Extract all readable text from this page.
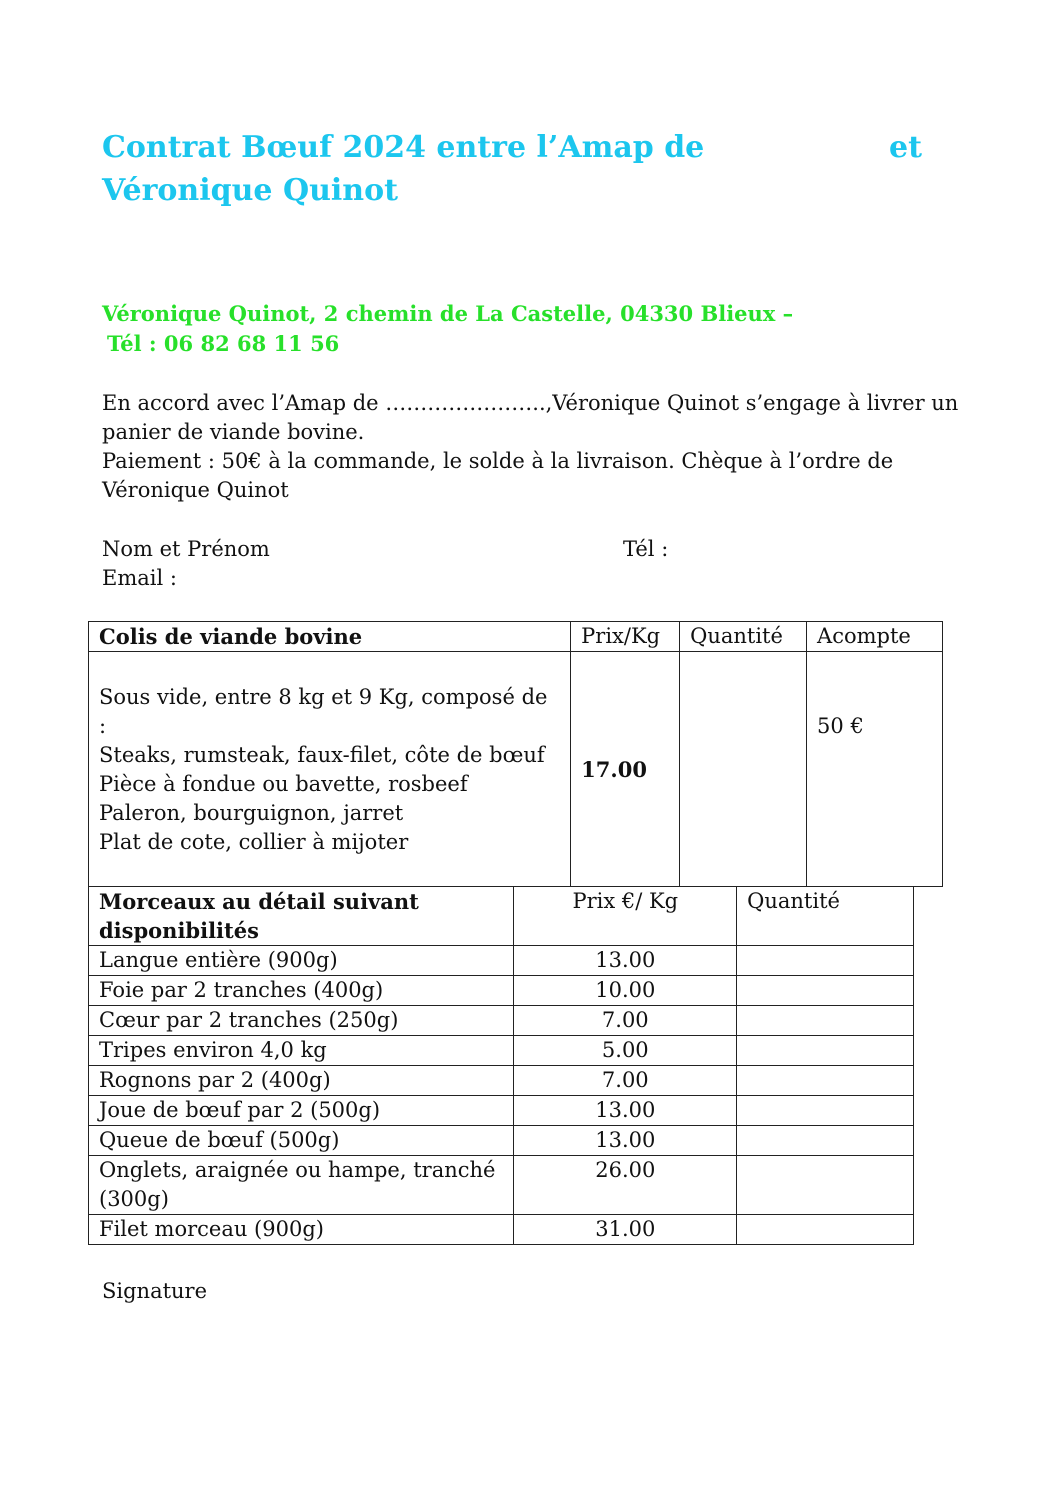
Contrat Bœuf 2024 entre l’Amap de	et
Véronique Quinot
Véronique Quinot, 2 chemin de La Castelle, 04330 Blieux –
Tél : 06 82 68 11 56
En accord avec l’Amap de …………………..,Véronique Quinot s’engage à livrer un
panier de viande bovine.
Paiement : 50€ à la commande, le solde à la livraison. Chèque à l’ordre de
Véronique Quinot
Nom et Prénom	Tél :
Email :
Colis de viande bovine	Prix/Kg	Quantité	Acompte

Sous vide, entre 8 kg et 9 Kg, composé de :
Steaks, rumsteak, faux-filet, côte de bœuf
Pièce à fondue ou bavette, rosbeef
Paleron, bourguignon, jarret
Plat de cote, collier à mijoter	17.00		50 €
Morceaux au détail suivant disponibilités	Prix €/ Kg	Quantité
Langue entière (900g)	13.00	
Foie par 2 tranches (400g)	10.00	
Cœur par 2 tranches (250g)	7.00	
Tripes environ 4,0 kg	5.00	
Rognons par 2 (400g)	7.00	
Joue de bœuf par 2 (500g)	13.00	
Queue de bœuf (500g)	13.00	
Onglets, araignée ou hampe, tranché (300g)	26.00	
Filet morceau (900g)	31.00	
Signature
